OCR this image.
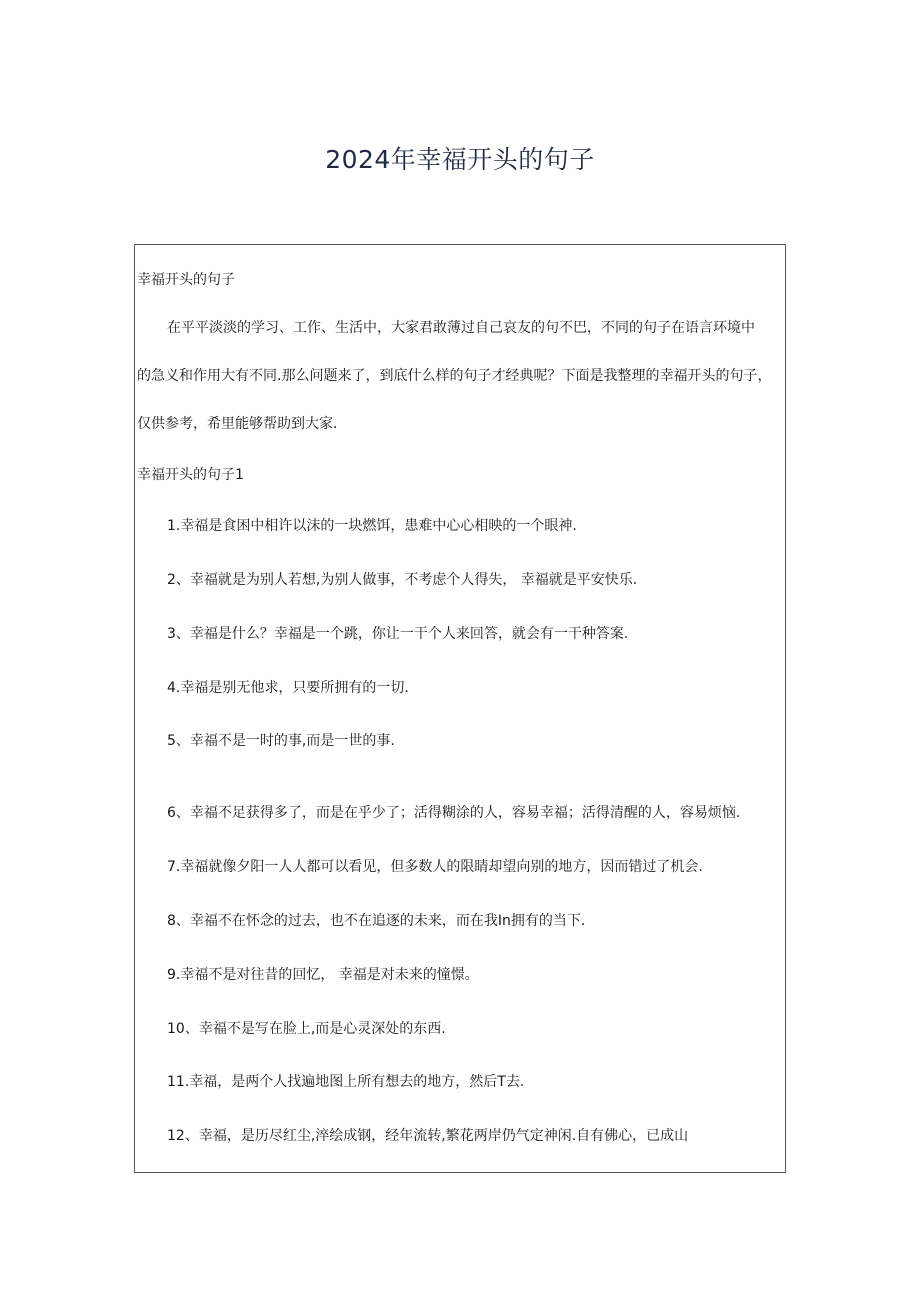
2024年幸福开头的句子
幸福开头的句子
在平平淡淡的学习、工作、生活中，大家君敢薄过自己哀友的句不巴，不同的句子在语言环境中
的急义和作用大有不同.那么问题来了，到底什么样的句子才经典呢？下面是我整理的幸福开头的句子，
仅供参考，希里能够帮助到大家.
幸福开头的句子1
1.幸福是食困中相许以沫的一块燃饵，患难中心心相映的一个眼神.
2、幸福就是为别人若想,为别人做事，不考虑个人得失， 幸福就是平安快乐.
3、幸福是什么？幸福是一个跳，你让一干个人来回答，就会有一干种答案.
4.幸福是别无他求，只要所拥有的一切.
5、幸福不是一时的事,而是一世的事.
6、幸福不足获得多了，而是在乎少了；活得糊涂的人，容易幸福；活得清醒的人，容易烦恼.
7.幸福就像夕阳一人人都可以看见，但多数人的限睛却望向别的地方，因而错过了机会.
8、幸福不在怀念的过去，也不在追逐的未来，而在我In拥有的当下.
9.幸福不是对往昔的回忆， 幸福是对未来的憧憬。
10、幸福不是写在脸上,而是心灵深处的东西.
11.幸福，是两个人找遍地图上所有想去的地方，然后T去.
12、幸福，是历尽红尘,淬绘成钢，经年流转,繁花两岸仍气定神闲.自有佛心，已成山
